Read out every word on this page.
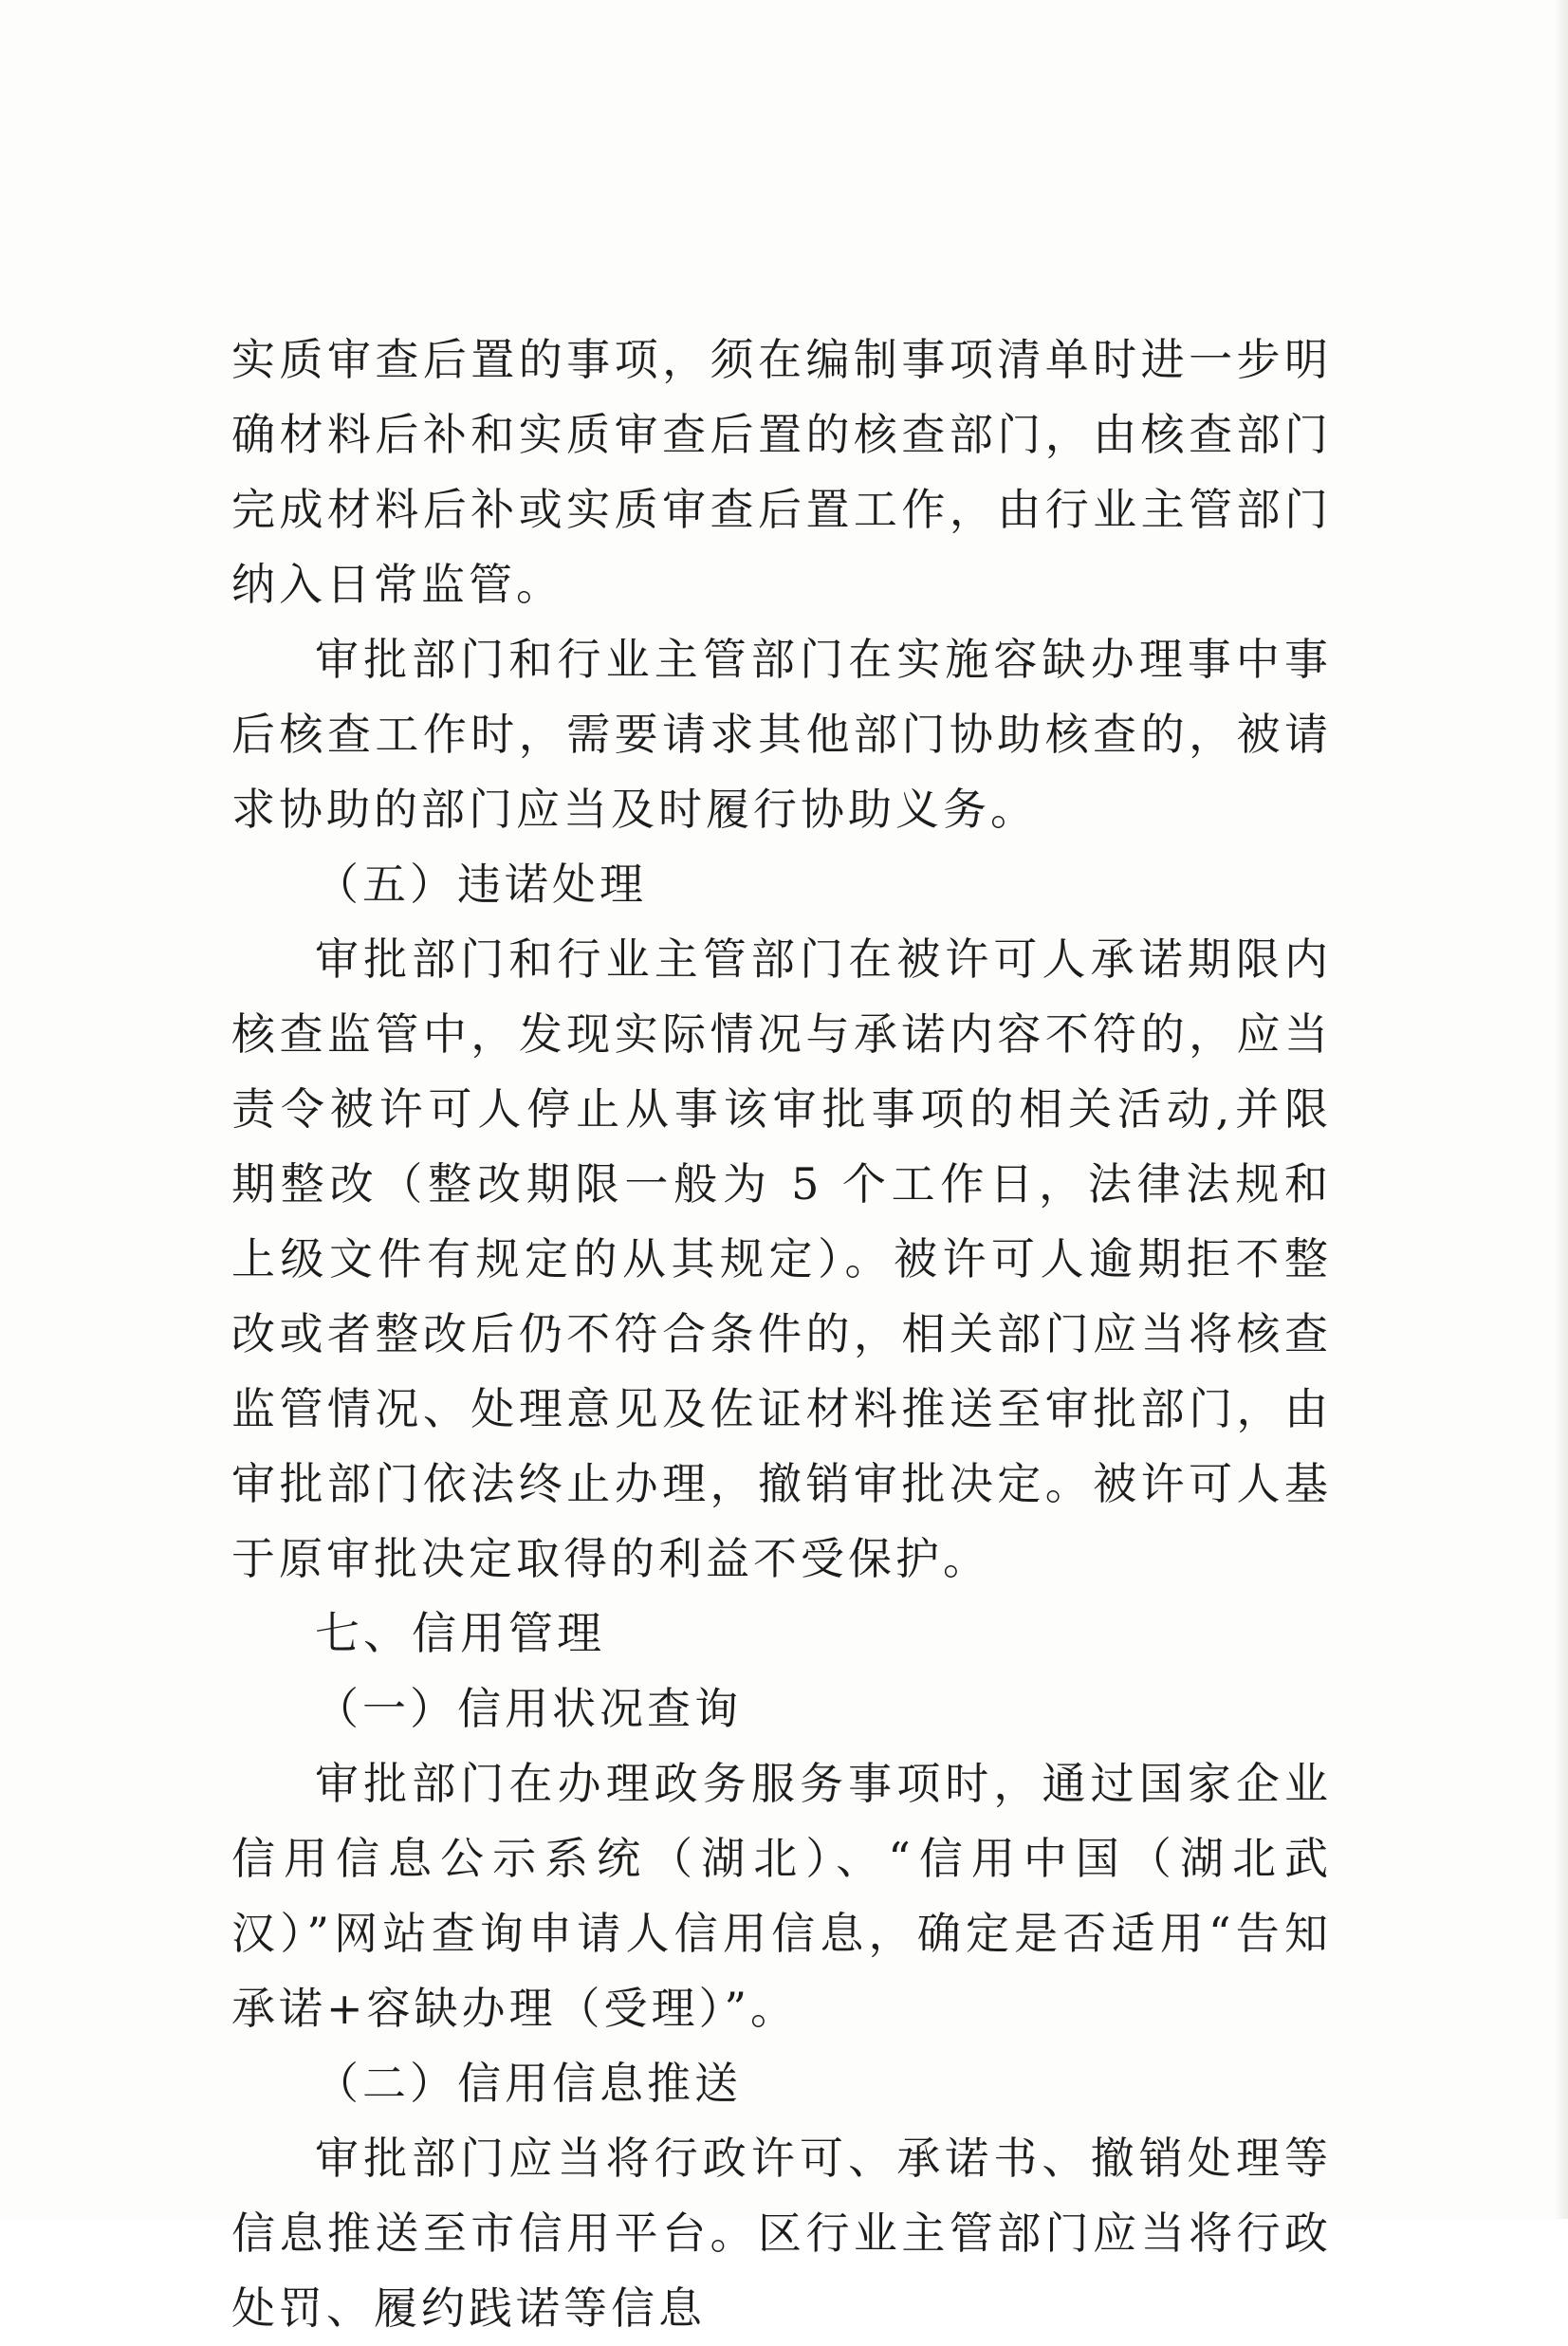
实质审查后置的事项，须在编制事项清单时进一步明确材料后补和实质审查后置的核查部门，由核查部门完成材料后补或实质审查后置工作，由行业主管部门纳入日常监管。

审批部门和行业主管部门在实施容缺办理事中事后核查工作时，需要请求其他部门协助核查的，被请求协助的部门应当及时履行协助义务。

（五）违诺处理

审批部门和行业主管部门在被许可人承诺期限内核查监管中，发现实际情况与承诺内容不符的，应当责令被许可人停止从事该审批事项的相关活动,并限期整改（整改期限一般为 5 个工作日，法律法规和上级文件有规定的从其规定）。被许可人逾期拒不整改或者整改后仍不符合条件的，相关部门应当将核查监管情况、处理意见及佐证材料推送至审批部门，由审批部门依法终止办理，撤销审批决定。被许可人基于原审批决定取得的利益不受保护。

七、信用管理

（一）信用状况查询

审批部门在办理政务服务事项时，通过国家企业信用信息公示系统（湖北）、“信用中国（湖北武汉）”网站查询申请人信用信息，确定是否适用“告知承诺+容缺办理（受理）”。

（二）信用信息推送

审批部门应当将行政许可、承诺书、撤销处理等信息推送至市信用平台。区行业主管部门应当将行政处罚、履约践诺等信息
